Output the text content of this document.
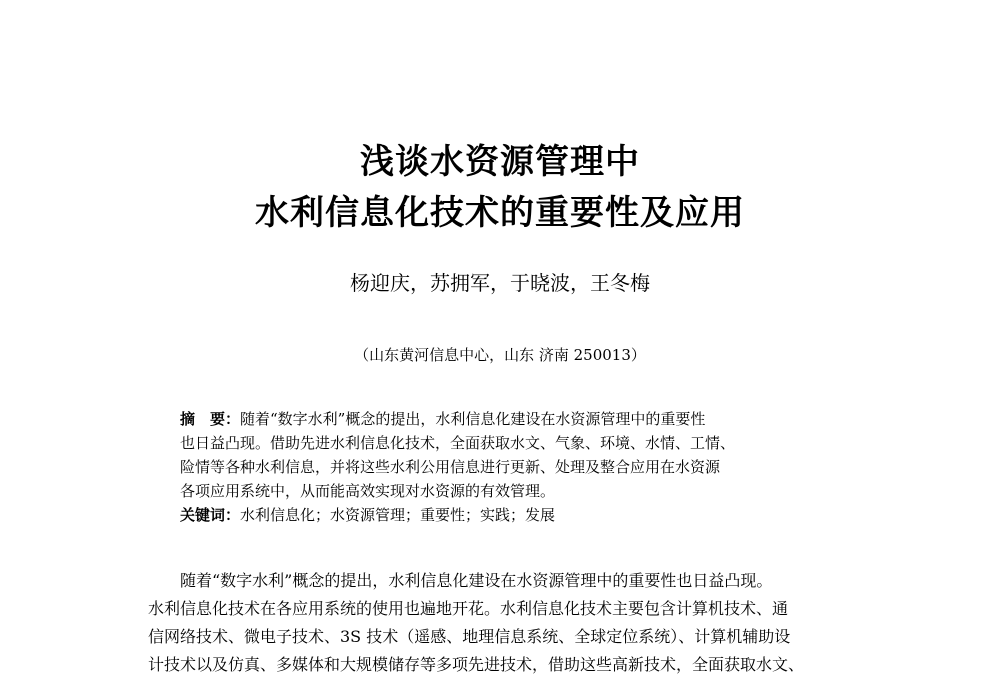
浅谈水资源管理中
水利信息化技术的重要性及应用
杨迎庆，苏拥军，于晓波，王冬梅
（山东黄河信息中心，山东 济南 250013）
摘　要：随着“数字水利”概念的提出，水利信息化建设在水资源管理中的重要性
也日益凸现。借助先进水利信息化技术，全面获取水文、气象、环境、水情、工情、
险情等各种水利信息，并将这些水利公用信息进行更新、处理及整合应用在水资源
各项应用系统中，从而能高效实现对水资源的有效管理。
关键词：水利信息化；水资源管理；重要性；实践；发展
随着“数字水利”概念的提出，水利信息化建设在水资源管理中的重要性也日益凸现。
水利信息化技术在各应用系统的使用也遍地开花。水利信息化技术主要包含计算机技术、通
信网络技术、微电子技术、3S 技术（遥感、地理信息系统、全球定位系统）、计算机辅助设
计技术以及仿真、多媒体和大规模储存等多项先进技术，借助这些高新技术，全面获取水文、
